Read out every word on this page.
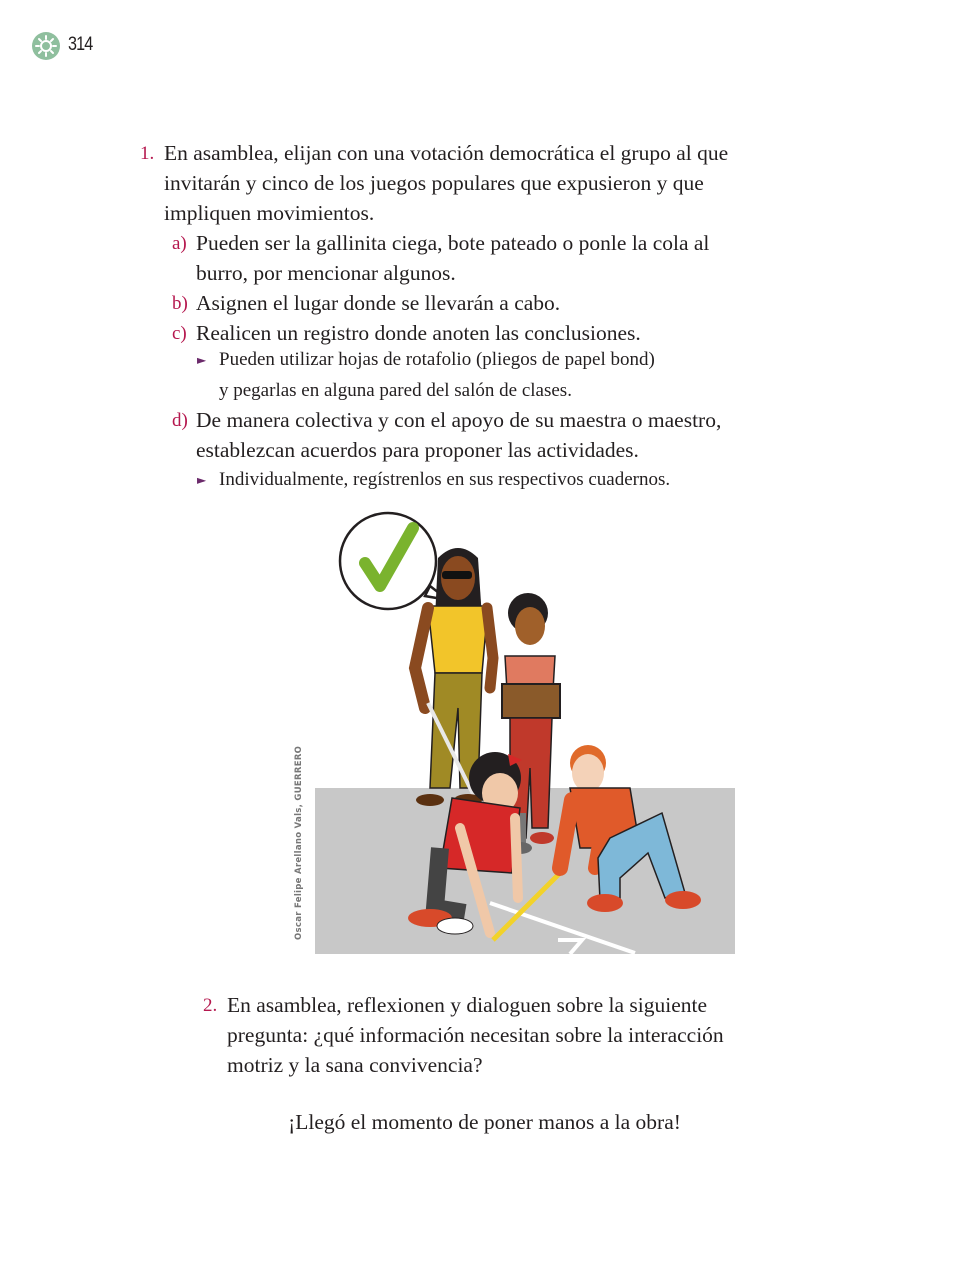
314
1. En asamblea, elijan con una votación democrática el grupo al que
invitarán y cinco de los juegos populares que expusieron y que
impliquen movimientos.
a) Pueden ser la gallinita ciega, bote pateado o ponle la cola al
burro, por mencionar algunos.
b) Asignen el lugar donde se llevarán a cabo.
c) Realicen un registro donde anoten las conclusiones.
► Pueden utilizar hojas de rotafolio (pliegos de papel bond)
y pegarlas en alguna pared del salón de clases.
d) De manera colectiva y con el apoyo de su maestra o maestro,
establezcan acuerdos para proponer las actividades.
► Individualmente, regístrenlos en sus respectivos cuadernos.
Oscar Felipe Arellano Vals, GUERRERO
2. En asamblea, reflexionen y dialoguen sobre la siguiente
pregunta: ¿qué información necesitan sobre la interacción
motriz y la sana convivencia?
¡Llegó el momento de poner manos a la obra!
